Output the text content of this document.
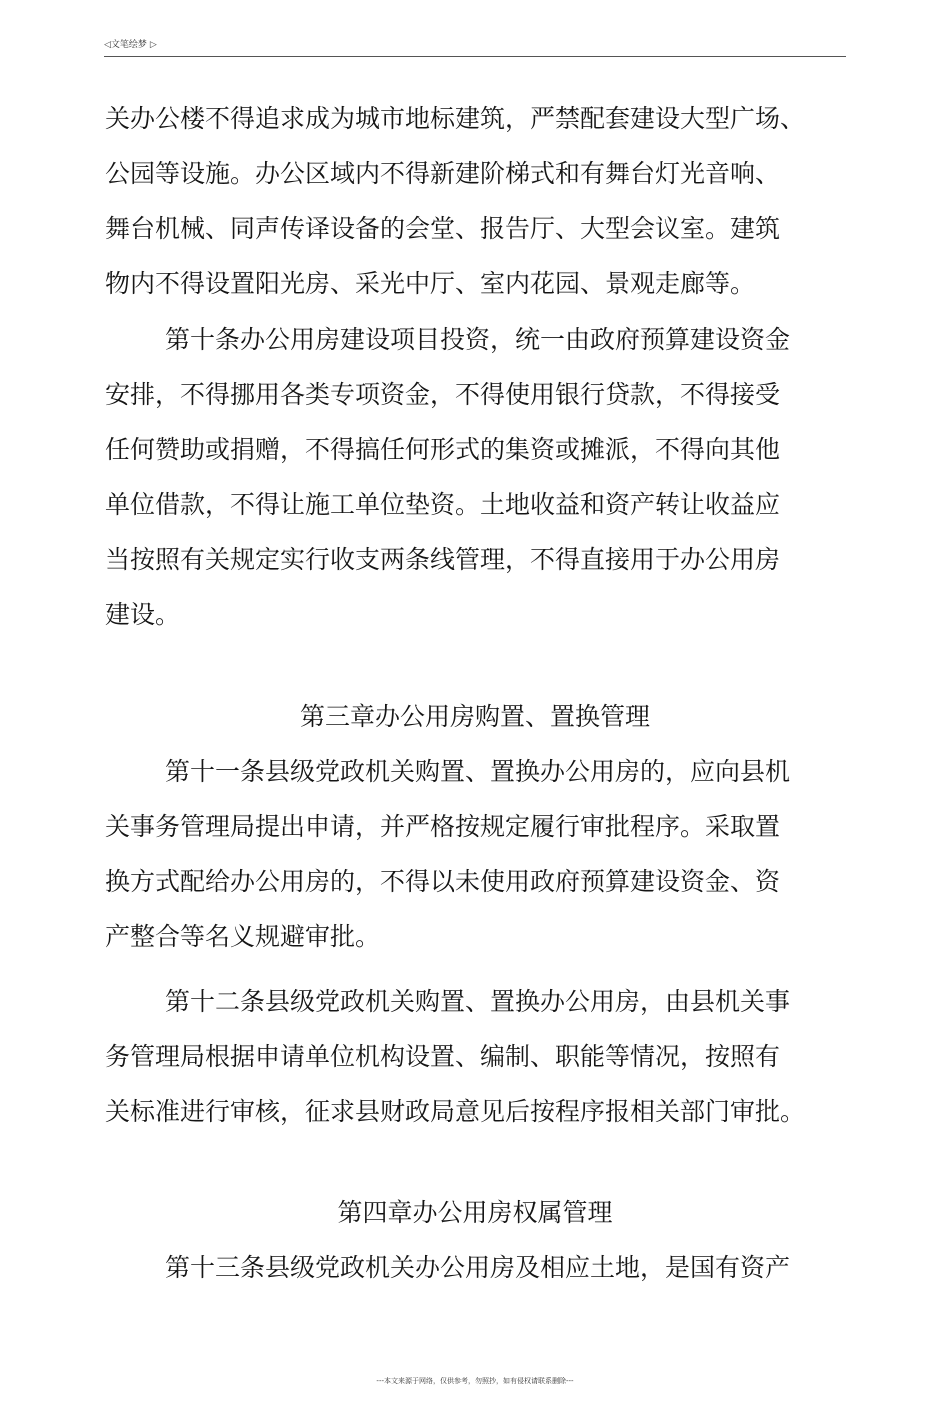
◁文笔绘梦 ▷
关办公楼不得追求成为城市地标建筑，严禁配套建设大型广场、
公园等设施。办公区域内不得新建阶梯式和有舞台灯光音响、
舞台机械、同声传译设备的会堂、报告厅、大型会议室。建筑
物内不得设置阳光房、采光中厅、室内花园、景观走廊等。
第十条办公用房建设项目投资，统一由政府预算建设资金
安排，不得挪用各类专项资金，不得使用银行贷款，不得接受
任何赞助或捐赠，不得搞任何形式的集资或摊派，不得向其他
单位借款，不得让施工单位垫资。土地收益和资产转让收益应
当按照有关规定实行收支两条线管理，不得直接用于办公用房
建设。
第三章办公用房购置、置换管理
第十一条县级党政机关购置、置换办公用房的，应向县机
关事务管理局提出申请，并严格按规定履行审批程序。采取置
换方式配给办公用房的，不得以未使用政府预算建设资金、资
产整合等名义规避审批。
第十二条县级党政机关购置、置换办公用房，由县机关事
务管理局根据申请单位机构设置、编制、职能等情况，按照有
关标准进行审核，征求县财政局意见后按程序报相关部门审批。
第四章办公用房权属管理
第十三条县级党政机关办公用房及相应土地，是国有资产
---本文来源于网络，仅供参考，勿照抄，如有侵权请联系删除---
